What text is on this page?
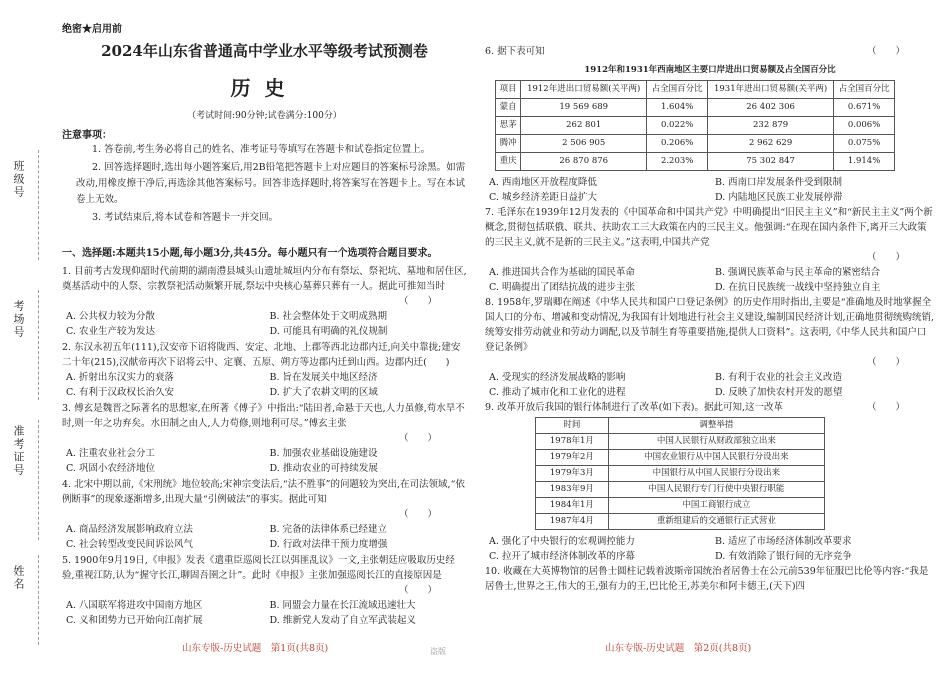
班级号
考场号
准考证号
姓名
绝密★启用前
2024年山东省普通高中学业水平等级考试预测卷
历史
（考试时间:90分钟;试卷满分:100分）
注意事项：

1. 答卷前,考生务必将自己的姓名、准考证号等填写在答题卡和试卷指定位置上。

2. 回答选择题时,选出每小题答案后,用2B铅笔把答题卡上对应题目的答案标号涂黑。如需改动,用橡皮擦干净后,再选涂其他答案标号。回答非选择题时,将答案写在答题卡上。写在本试卷上无效。

3. 考试结束后,将本试卷和答题卡一并交回。

一、选择题:本题共15小题,每小题3分,共45分。每小题只有一个选项符合题目要求。
1. 目前考古发现仰韶时代前期的湖南澧县城头山遗址城垣内分布有祭坛、祭祀坑、墓地和居住区,奠基活动中的人祭、宗教祭祀活动频繁开展,祭坛中央核心墓葬只葬有一人。据此可推知当时
（　　）
A. 公共权力较为分散	B. 社会整体处于文明成熟期
C. 农业生产较为发达	D. 可能具有明确的礼仪规制
2. 东汉永初五年(111),汉安帝下诏将陇西、安定、北地、上郡等西北边郡内迁,向关中靠拢;建安二十年(215),汉献帝再次下诏将云中、定襄、五原、朔方等边郡内迁到山西。边郡内迁(　　)
A. 折射出东汉实力的衰落	B. 旨在发展关中地区经济
C. 有利于汉政权长治久安	D. 扩大了农耕文明的区域
3. 傅玄是魏晋之际著名的思想家,在所著《傅子》中指出:“陆田者,命悬于天也,人力虽修,苟水旱不时,则一年之功弃矣。水田制之由人,人力苟修,则地利可尽。”傅玄主张
（　　）
A. 注重农业社会分工	B. 加强农业基础设施建设
C. 巩固小农经济地位	D. 推动农业的可持续发展
4. 北宋中期以前,《宋刑统》地位较高;宋神宗变法后,“法不胜事”的问题较为突出,在司法领域,“依例断事”的现象逐渐增多,出现大量“引例破法”的事实。据此可知
（　　）
A. 商品经济发展影响政府立法	B. 完备的法律体系已经建立
C. 社会转型改变民间诉讼风气	D. 行政对法律干预力度增强
5. 1900年9月19日,《申报》发表《遣重臣巡阅长江以弭匪乱议》一文,主张朝廷应吸取历史经验,重视江防,认为“握守长江,聊固吾圉之计”。此时《申报》主张加强巡阅长江的直接原因是
（　　）
A. 八国联军将进攻中国南方地区	B. 同盟会力量在长江流域迅速壮大
C. 义和团势力已开始向江南扩展	D. 维新党人发动了自立军武装起义
山东专版-历史试题　第1页(共8页)
6. 据下表可知	（　　）
1912年和1931年西南地区主要口岸进出口贸易额及占全国百分比
项目	1912年进出口贸易额(关平两)	占全国百分比	1931年进出口贸易额(关平两)	占全国百分比
蒙自	19 569 689	1.604%	26 402 306	0.671%
思茅	262 801	0.022%	232 879	0.006%
腾冲	2 506 905	0.206%	2 962 629	0.075%
重庆	26 870 876	2.203%	75 302 847	1.914%
A. 西南地区开放程度降低	B. 西南口岸发展条件受到限制
C. 城乡经济差距日益扩大	D. 内陆地区民族工业发展停滞
7. 毛泽东在1939年12月发表的《中国革命和中国共产党》中明确提出“旧民主主义”和“新民主主义”两个新概念,贯彻包括联俄、联共、扶助农工三大政策在内的三民主义。他强调:“在现在国内条件下,离开三大政策的三民主义,就不是新的三民主义。”这表明,中国共产党
（　　）
A. 推进国共合作为基础的国民革命	B. 强调民族革命与民主革命的紧密结合
C. 明确提出了团结抗战的进步主张	D. 在抗日民族统一战线中坚持独立自主
8. 1958年,罗瑞卿在阐述《中华人民共和国户口登记条例》的历史作用时指出,主要是“准确地及时地掌握全国人口的分布、增减和变动情况,为我国有计划地进行社会主义建设,编制国民经济计划,正确地贯彻统购统销,统筹安排劳动就业和劳动力调配,以及节制生育等重要措施,提供人口资料”。这表明,《中华人民共和国户口登记条例》
（　　）
A. 受现实的经济发展战略的影响	B. 有利于农业的社会主义改造
C. 推动了城市化和工业化的进程	D. 反映了加快农村开发的愿望
9. 改革开放后我国的银行体制进行了改革(如下表)。据此可知,这一改革	（　　）
时间	调整举措
1978年1月	中国人民银行从财政部独立出来
1979年2月	中国农业银行从中国人民银行分设出来
1979年3月	中国银行从中国人民银行分设出来
1983年9月	中国人民银行专门行使中央银行职能
1984年1月	中国工商银行成立
1987年4月	重新组建后的交通银行正式营业
A. 强化了中央银行的宏观调控能力	B. 适应了市场经济体制改革要求
C. 拉开了城市经济体制改革的序幕	D. 有效消除了银行间的无序竞争
10. 收藏在大英博物馆的居鲁士圆柱记载着波斯帝国统治者居鲁士在公元前539年征服巴比伦等内容:“我是居鲁士,世界之王,伟大的王,强有力的王,巴比伦王,苏美尔和阿卡德王,(天下)四
山东专版-历史试题　第2页(共8页)
盗版
